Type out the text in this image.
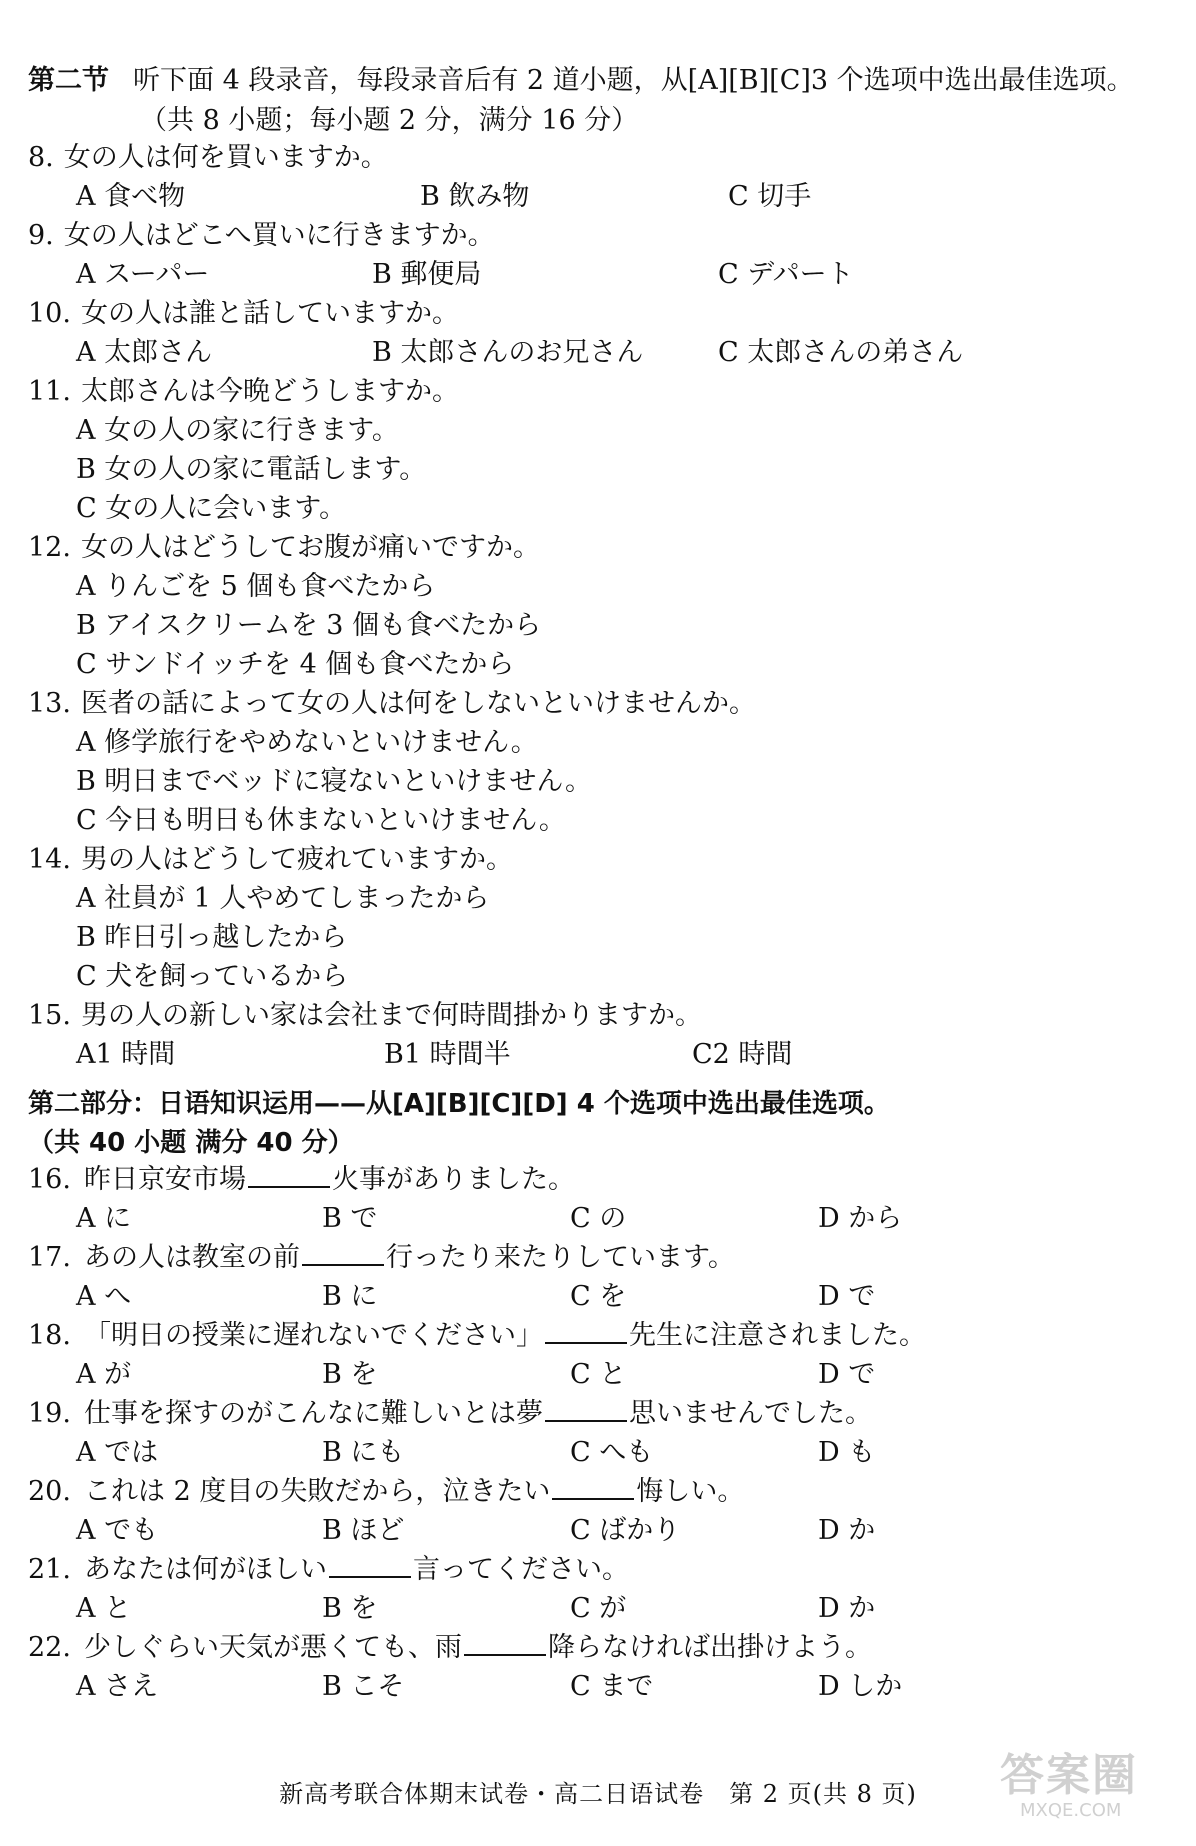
第二节 听下面 4 段录音，每段录音后有 2 道小题，从[A][B][C]3 个选项中选出最佳选项。
（共 8 小题；每小题 2 分，满分 16 分）
8. 女の人は何を買いますか。
A 食べ物	B 飲み物	C 切手
9. 女の人はどこへ買いに行きますか。
A スーパー	B 郵便局	C デパート
10. 女の人は誰と話していますか。
A 太郎さん	B 太郎さんのお兄さん	C 太郎さんの弟さん
11. 太郎さんは今晩どうしますか。
A 女の人の家に行きます。
B 女の人の家に電話します。
C 女の人に会います。
12. 女の人はどうしてお腹が痛いですか。
A りんごを 5 個も食べたから
B アイスクリームを 3 個も食べたから
C サンドイッチを 4 個も食べたから
13. 医者の話によって女の人は何をしないといけませんか。
A 修学旅行をやめないといけません。
B 明日までベッドに寝ないといけません。
C 今日も明日も休まないといけません。
14. 男の人はどうして疲れていますか。
A 社員が 1 人やめてしまったから
B 昨日引っ越したから
C 犬を飼っているから
15. 男の人の新しい家は会社まで何時間掛かりますか。
A1 時間	B1 時間半	C2 時間
第二部分：日语知识运用——从[A][B][C][D] 4 个选项中选出最佳选项。
（共 40 小题 满分 40 分）
16. 昨日京安市場	火事がありました。
A に	B で	C の	D から
17. あの人は教室の前	行ったり来たりしています。
A へ	B に	C を	D で
18. 「明日の授業に遅れないでください」	先生に注意されました。
A が	B を	C と	D で
19. 仕事を探すのがこんなに難しいとは夢	思いませんでした。
A では	B にも	C へも	D も
20. これは 2 度目の失敗だから，泣きたい	悔しい。
A でも	B ほど	C ばかり	D か
21. あなたは何がほしい	言ってください。
A と	B を	C が	D か
22. 少しぐらい天気が悪くても、雨	降らなければ出掛けよう。
A さえ	B こそ	C まで	D しか
新高考联合体期末试卷・高二日语试卷　第 2 页(共 8 页)	答案圈
MXQE.COM
